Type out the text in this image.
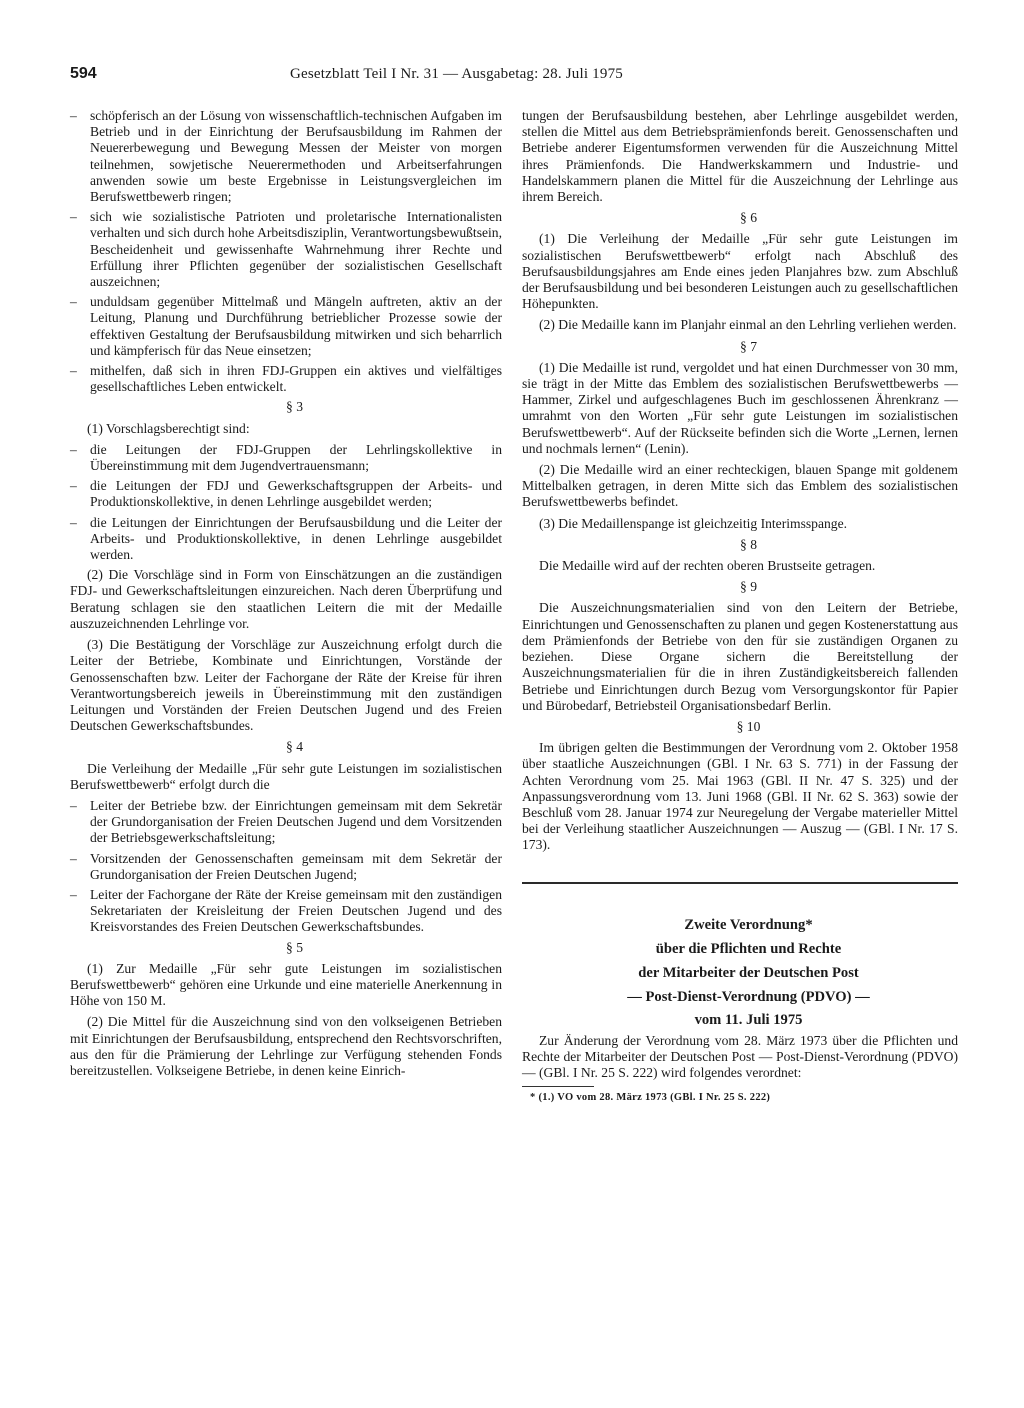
594	Gesetzblatt Teil I Nr. 31 — Ausgabetag: 28. Juli 1975
– schöpferisch an der Lösung von wissenschaftlich-technischen Aufgaben im Betrieb und in der Einrichtung der Berufsausbildung im Rahmen der Neuererbewegung und Bewegung Messen der Meister von morgen teilnehmen, sowjetische Neuerermethoden und Arbeitserfahrungen anwenden sowie um beste Ergebnisse in Leistungsvergleichen im Berufswettbewerb ringen;
– sich wie sozialistische Patrioten und proletarische Internationalisten verhalten und sich durch hohe Arbeitsdisziplin, Verantwortungsbewußtsein, Bescheidenheit und gewissenhafte Wahrnehmung ihrer Rechte und Erfüllung ihrer Pflichten gegenüber der sozialistischen Gesellschaft auszeichnen;
– unduldsam gegenüber Mittelmaß und Mängeln auftreten, aktiv an der Leitung, Planung und Durchführung betrieblicher Prozesse sowie der effektiven Gestaltung der Berufsausbildung mitwirken und sich beharrlich und kämpferisch für das Neue einsetzen;
– mithelfen, daß sich in ihren FDJ-Gruppen ein aktives und vielfältiges gesellschaftliches Leben entwickelt.

§ 3

(1) Vorschlagsberechtigt sind:

– die Leitungen der FDJ-Gruppen der Lehrlingskollektive in Übereinstimmung mit dem Jugendvertrauensmann;
– die Leitungen der FDJ und Gewerkschaftsgruppen der Arbeits- und Produktionskollektive, in denen Lehrlinge ausgebildet werden;
– die Leitungen der Einrichtungen der Berufsausbildung und die Leiter der Arbeits- und Produktionskollektive, in denen Lehrlinge ausgebildet werden.

(2) Die Vorschläge sind in Form von Einschätzungen an die zuständigen FDJ- und Gewerkschaftsleitungen einzureichen. Nach deren Überprüfung und Beratung schlagen sie den staatlichen Leitern die mit der Medaille auszuzeichnenden Lehrlinge vor.

(3) Die Bestätigung der Vorschläge zur Auszeichnung erfolgt durch die Leiter der Betriebe, Kombinate und Einrichtungen, Vorstände der Genossenschaften bzw. Leiter der Fachorgane der Räte der Kreise für ihren Verantwortungsbereich jeweils in Übereinstimmung mit den zuständigen Leitungen und Vorständen der Freien Deutschen Jugend und des Freien Deutschen Gewerkschaftsbundes.

§ 4

Die Verleihung der Medaille „Für sehr gute Leistungen im sozialistischen Berufswettbewerb“ erfolgt durch die

– Leiter der Betriebe bzw. der Einrichtungen gemeinsam mit dem Sekretär der Grundorganisation der Freien Deutschen Jugend und dem Vorsitzenden der Betriebsgewerkschaftsleitung;
– Vorsitzenden der Genossenschaften gemeinsam mit dem Sekretär der Grundorganisation der Freien Deutschen Jugend;
– Leiter der Fachorgane der Räte der Kreise gemeinsam mit den zuständigen Sekretariaten der Kreisleitung der Freien Deutschen Jugend und des Kreisvorstandes des Freien Deutschen Gewerkschaftsbundes.

§ 5

(1) Zur Medaille „Für sehr gute Leistungen im sozialistischen Berufswettbewerb“ gehören eine Urkunde und eine materielle Anerkennung in Höhe von 150 M.

(2) Die Mittel für die Auszeichnung sind von den volkseigenen Betrieben mit Einrichtungen der Berufsausbildung, entsprechend den Rechtsvorschriften, aus den für die Prämierung der Lehrlinge zur Verfügung stehenden Fonds bereitzustellen. Volkseigene Betriebe, in denen keine Einrich-

tungen der Berufsausbildung bestehen, aber Lehrlinge ausgebildet werden, stellen die Mittel aus dem Betriebsprämienfonds bereit. Genossenschaften und Betriebe anderer Eigentumsformen verwenden für die Auszeichnung Mittel ihres Prämienfonds. Die Handwerkskammern und Industrie- und Handelskammern planen die Mittel für die Auszeichnung der Lehrlinge aus ihrem Bereich.

§ 6

(1) Die Verleihung der Medaille „Für sehr gute Leistungen im sozialistischen Berufswettbewerb“ erfolgt nach Abschluß des Berufsausbildungsjahres am Ende eines jeden Planjahres bzw. zum Abschluß der Berufsausbildung und bei besonderen Leistungen auch zu gesellschaftlichen Höhepunkten.

(2) Die Medaille kann im Planjahr einmal an den Lehrling verliehen werden.

§ 7

(1) Die Medaille ist rund, vergoldet und hat einen Durchmesser von 30 mm, sie trägt in der Mitte das Emblem des sozialistischen Berufswettbewerbs — Hammer, Zirkel und aufgeschlagenes Buch im geschlossenen Ährenkranz — umrahmt von den Worten „Für sehr gute Leistungen im sozialistischen Berufswettbewerb“. Auf der Rückseite befinden sich die Worte „Lernen, lernen und nochmals lernen“ (Lenin).

(2) Die Medaille wird an einer rechteckigen, blauen Spange mit goldenem Mittelbalken getragen, in deren Mitte sich das Emblem des sozialistischen Berufswettbewerbs befindet.

(3) Die Medaillenspange ist gleichzeitig Interimsspange.

§ 8

Die Medaille wird auf der rechten oberen Brustseite getragen.

§ 9

Die Auszeichnungsmaterialien sind von den Leitern der Betriebe, Einrichtungen und Genossenschaften zu planen und gegen Kostenerstattung aus dem Prämienfonds der Betriebe von den für sie zuständigen Organen zu beziehen. Diese Organe sichern die Bereitstellung der Auszeichnungsmaterialien für die in ihren Zuständigkeitsbereich fallenden Betriebe und Einrichtungen durch Bezug vom Versorgungskontor für Papier und Bürobedarf, Betriebsteil Organisationsbedarf Berlin.

§ 10

Im übrigen gelten die Bestimmungen der Verordnung vom 2. Oktober 1958 über staatliche Auszeichnungen (GBl. I Nr. 63 S. 771) in der Fassung der Achten Verordnung vom 25. Mai 1963 (GBl. II Nr. 47 S. 325) und der Anpassungsverordnung vom 13. Juni 1968 (GBl. II Nr. 62 S. 363) sowie der Beschluß vom 28. Januar 1974 zur Neuregelung der Vergabe materieller Mittel bei der Verleihung staatlicher Auszeichnungen — Auszug — (GBl. I Nr. 17 S. 173).

Zweite Verordnung*

über die Pflichten und Rechte

der Mitarbeiter der Deutschen Post

— Post-Dienst-Verordnung (PDVO) —

vom 11. Juli 1975

Zur Änderung der Verordnung vom 28. März 1973 über die Pflichten und Rechte der Mitarbeiter der Deutschen Post — Post-Dienst-Verordnung (PDVO) — (GBl. I Nr. 25 S. 222) wird folgendes verordnet:

* (1.) VO vom 28. März 1973 (GBl. I Nr. 25 S. 222)
